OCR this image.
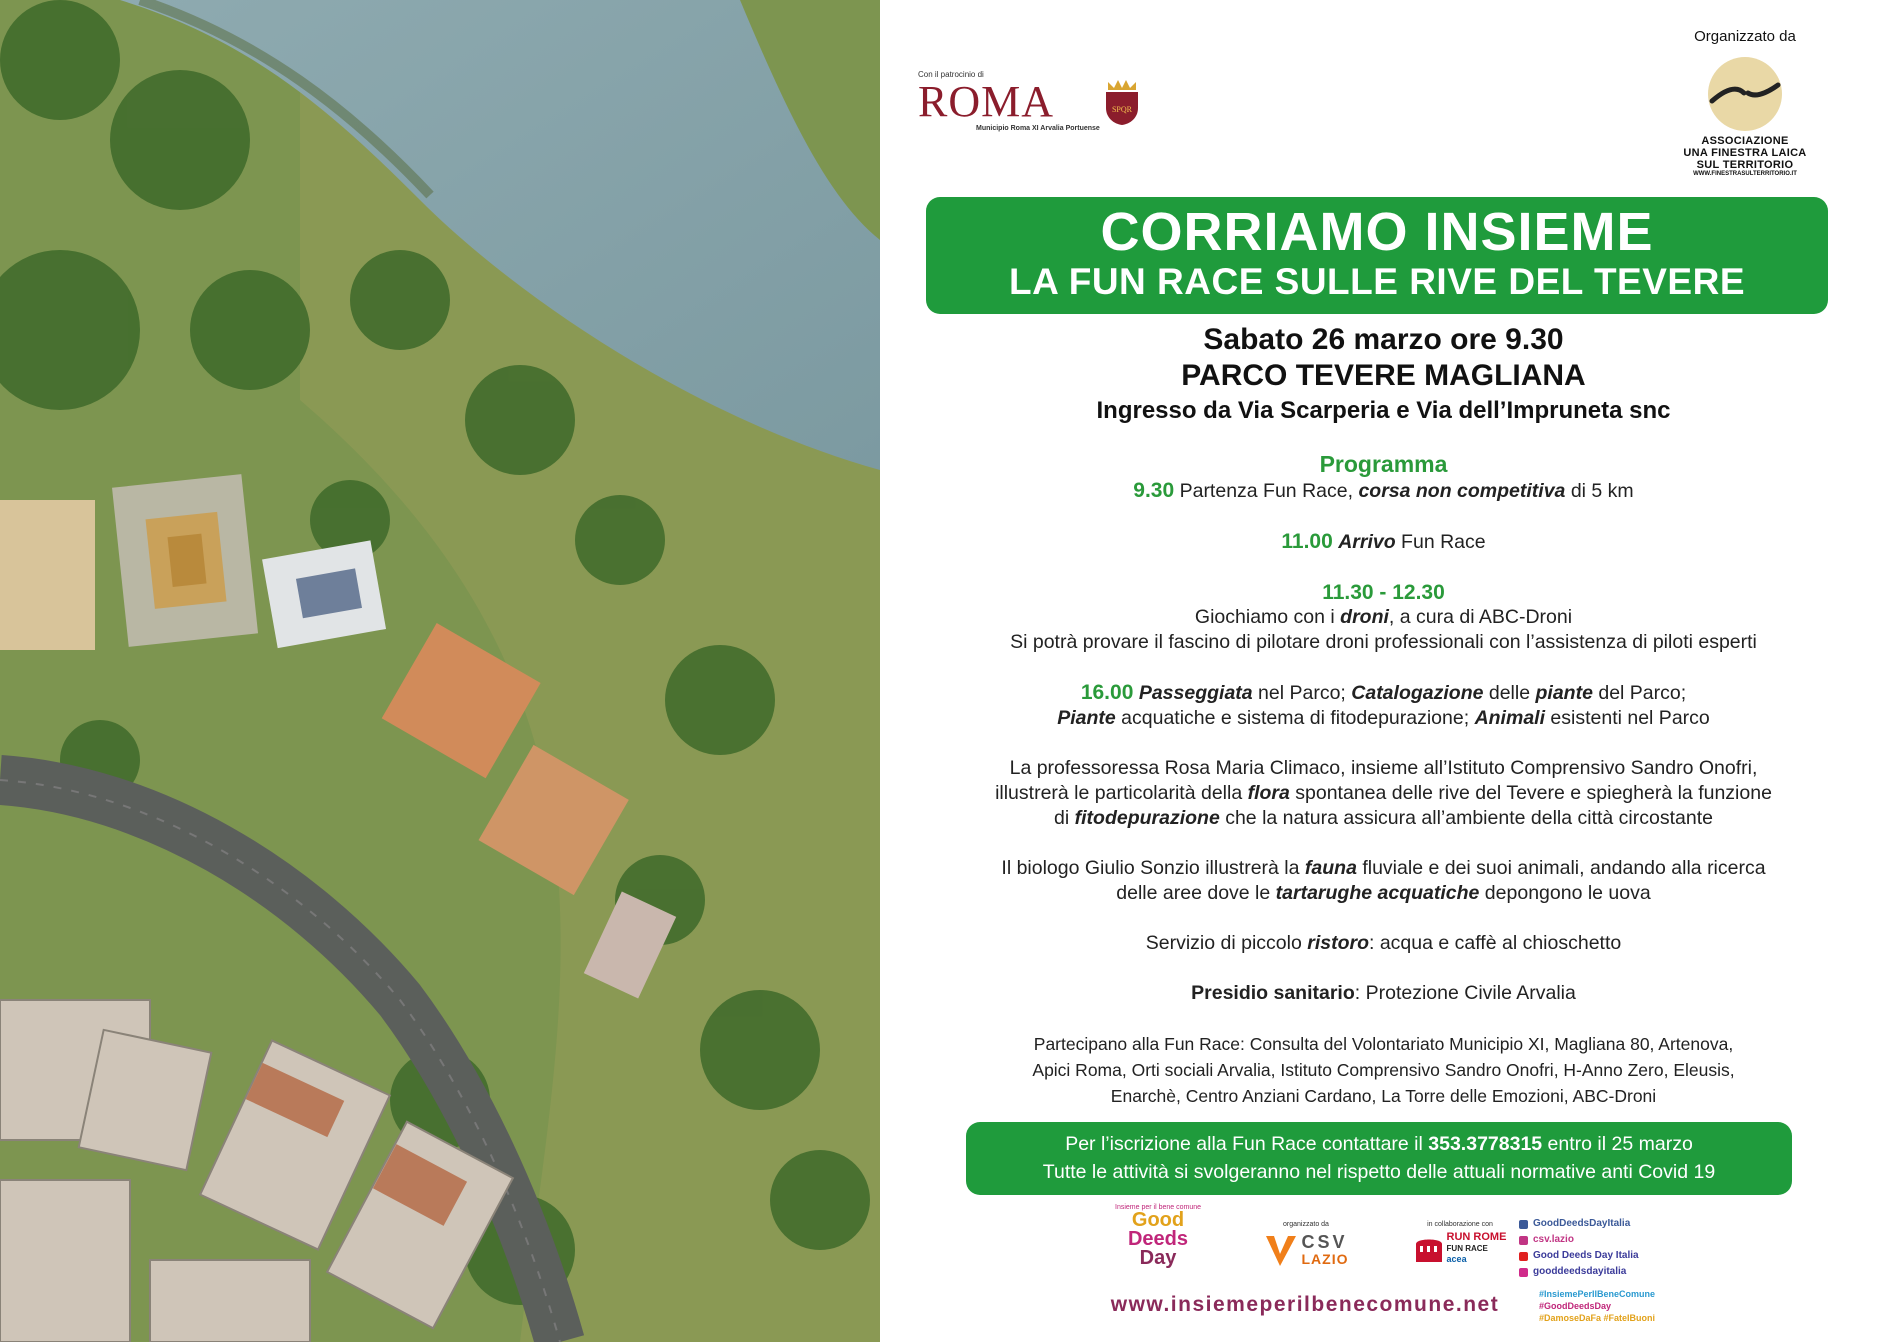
Con il patrocinio di
ROMA
Municipio Roma XI Arvalia Portuense
SPQR
Organizzato da
ASSOCIAZIONE
UNA FINESTRA LAICA
SUL TERRITORIO
WWW.FINESTRASULTERRITORIO.IT
CORRIAMO INSIEME
LA FUN RACE SULLE RIVE DEL TEVERE
Sabato 26 marzo ore 9.30
PARCO TEVERE MAGLIANA
Ingresso da Via Scarperia e Via dell’Impruneta snc
Programma
9.30 Partenza Fun Race, corsa non competitiva di 5 km
11.00 Arrivo Fun Race
11.30 - 12.30
Giochiamo con i droni, a cura di ABC-Droni
Si potrà provare il fascino di pilotare droni professionali con l’assistenza di piloti esperti
16.00 Passeggiata nel Parco; Catalogazione delle piante del Parco;
Piante acquatiche e sistema di fitodepurazione; Animali esistenti nel Parco
La professoressa Rosa Maria Climaco, insieme all’Istituto Comprensivo Sandro Onofri,
illustrerà le particolarità della flora spontanea delle rive del Tevere e spiegherà la funzione
di fitodepurazione che la natura assicura all’ambiente della città circostante
Il biologo Giulio Sonzio illustrerà la fauna fluviale e dei suoi animali, andando alla ricerca
delle aree dove le tartarughe acquatiche depongono le uova
Servizio di piccolo ristoro: acqua e caffè al chioschetto
Presidio sanitario: Protezione Civile Arvalia
Partecipano alla Fun Race: Consulta del Volontariato Municipio XI, Magliana 80, Artenova,
Apici Roma, Orti sociali Arvalia, Istituto Comprensivo Sandro Onofri, H-Anno Zero, Eleusis,
Enarchè, Centro Anziani Cardano, La Torre delle Emozioni, ABC-Droni
Per l’iscrizione alla Fun Race contattare il 353.3778315 entro il 25 marzo
Tutte le attività si svolgeranno nel rispetto delle attuali normative anti Covid 19
Insieme per il bene comune
Good
Deeds
Day
organizzato da
CSV
LAZIO
in collaborazione con
RUN ROME
FUN RACE
acea
www.insiemeperilbenecomune.net
GoodDeedsDayItalia
csv.lazio
Good Deeds Day Italia
gooddeedsdayitalia
#InsiemePerIlBeneComune
#GoodDeedsDay
#DamoseDaFa #FateIBuoni
